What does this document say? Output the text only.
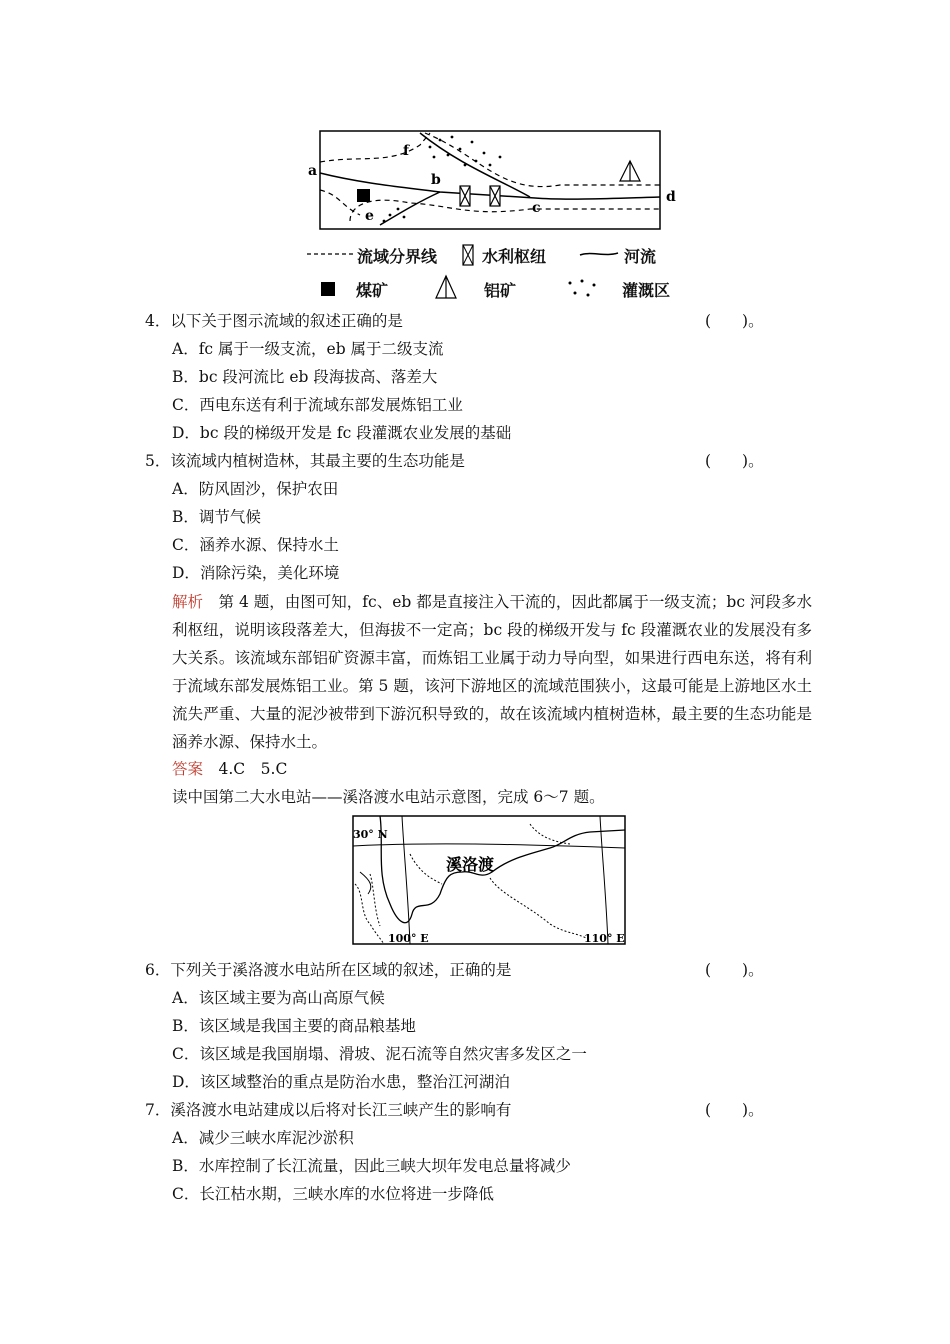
a
b
c
d
e
f
流域分界线	水利枢纽	河流
煤矿	铝矿	灌溉区
4．以下关于图示流域的叙述正确的是	(　　)。
A．fc 属于一级支流，eb 属于二级支流
B．bc 段河流比 eb 段海拔高、落差大
C．西电东送有利于流域东部发展炼铝工业
D．bc 段的梯级开发是 fc 段灌溉农业发展的基础
5．该流域内植树造林，其最主要的生态功能是	(　　)。
A．防风固沙，保护农田
B．调节气候
C．涵养水源、保持水土
D．消除污染，美化环境
解析　第 4 题，由图可知，fc、eb 都是直接注入干流的，因此都属于一级支流；bc 河段多水利枢纽，说明该段落差大，但海拔不一定高；bc 段的梯级开发与 fc 段灌溉农业的发展没有多大关系。该流域东部铝矿资源丰富，而炼铝工业属于动力导向型，如果进行西电东送，将有利于流域东部发展炼铝工业。第 5 题，该河下游地区的流域范围狭小，这最可能是上游地区水土流失严重、大量的泥沙被带到下游沉积导致的，故在该流域内植树造林，最主要的生态功能是涵养水源、保持水土。
答案　4.C　5.C
读中国第二大水电站——溪洛渡水电站示意图，完成 6～7 题。
30° N
溪洛渡
100° E	110° E
6．下列关于溪洛渡水电站所在区域的叙述，正确的是	(　　)。
A．该区域主要为高山高原气候
B．该区域是我国主要的商品粮基地
C．该区域是我国崩塌、滑坡、泥石流等自然灾害多发区之一
D．该区域整治的重点是防治水患，整治江河湖泊
7．溪洛渡水电站建成以后将对长江三峡产生的影响有	(　　)。
A．减少三峡水库泥沙淤积
B．水库控制了长江流量，因此三峡大坝年发电总量将减少
C．长江枯水期，三峡水库的水位将进一步降低
